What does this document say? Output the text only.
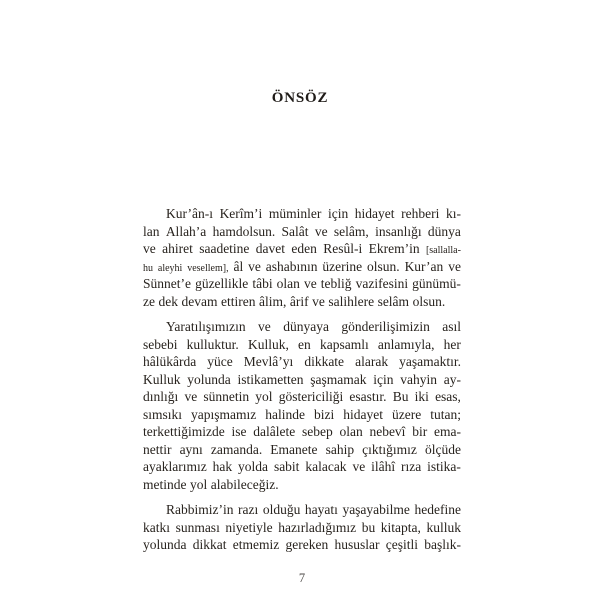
ÖNSÖZ
Kur’ân-ı Kerîm’i müminler için hidayet rehberi kı-
lan Allah’a hamdolsun. Salât ve selâm, insanlığı dünya
ve ahiret saadetine davet eden Resûl-i Ekrem’in [sallalla-
hu aleyhi vesellem], âl ve ashabının üzerine olsun. Kur’an ve
Sünnet’e güzellikle tâbi olan ve tebliğ vazifesini günümü-
ze dek devam ettiren âlim, ârif ve salihlere selâm olsun.
Yaratılışımızın ve dünyaya gönderilişimizin asıl
sebebi kulluktur. Kulluk, en kapsamlı anlamıyla, her
hâlükârda yüce Mevlâ’yı dikkate alarak yaşamaktır.
Kulluk yolunda istikametten şaşmamak için vahyin ay-
dınlığı ve sünnetin yol göstericiliği esastır. Bu iki esas,
sımsıkı yapışmamız halinde bizi hidayet üzere tutan;
terkettiğimizde ise dalâlete sebep olan nebevî bir ema-
nettir aynı zamanda. Emanete sahip çıktığımız ölçüde
ayaklarımız hak yolda sabit kalacak ve ilâhî rıza istika-
metinde yol alabileceğiz.
Rabbimiz’in razı olduğu hayatı yaşayabilme hedefine
katkı sunması niyetiyle hazırladığımız bu kitapta, kulluk
yolunda dikkat etmemiz gereken hususlar çeşitli başlık-
7
